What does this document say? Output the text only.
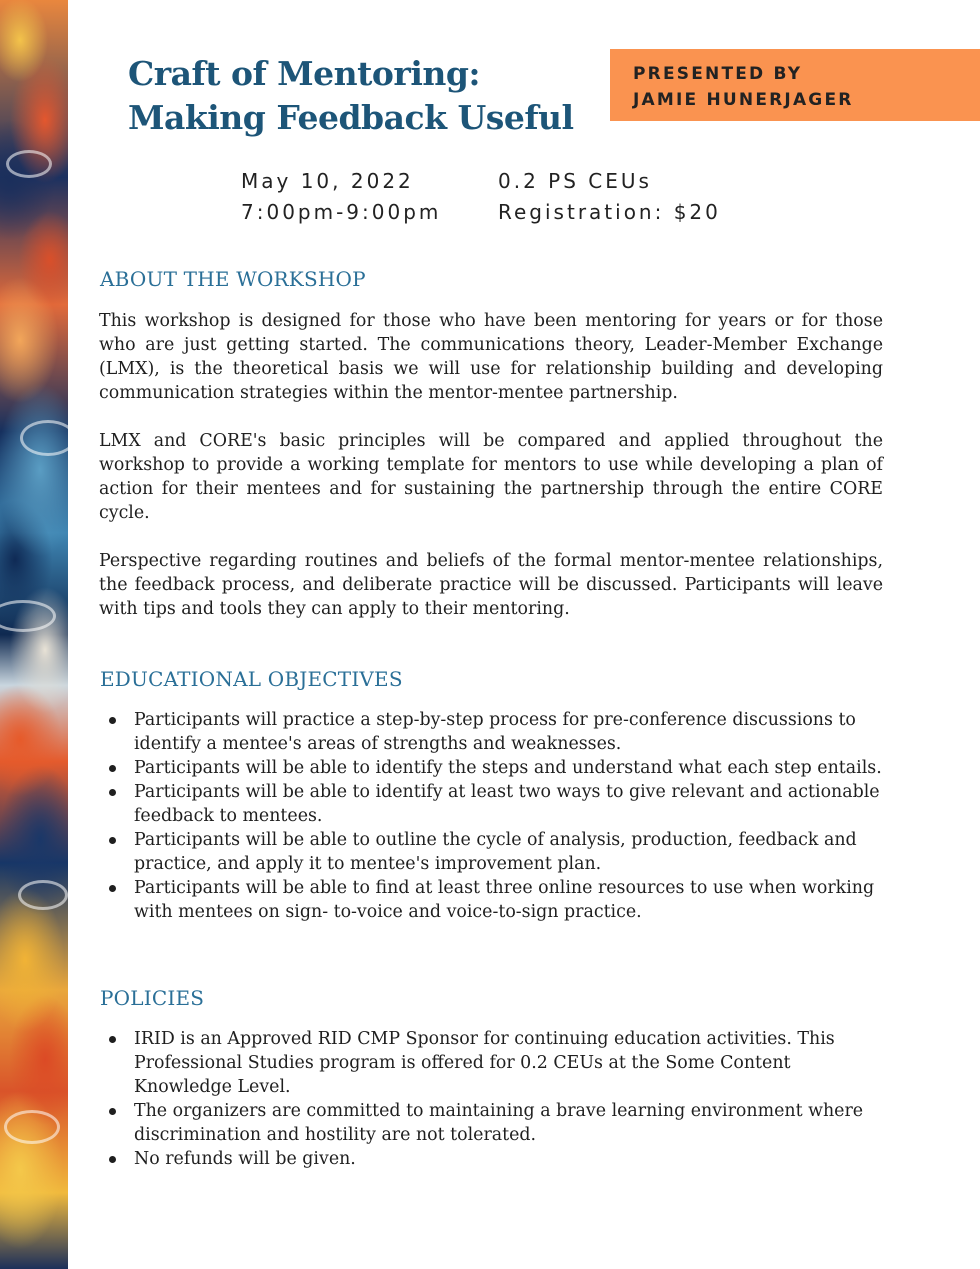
Craft of Mentoring:
Making Feedback Useful
PRESENTED BY
JAMIE HUNERJAGER
May 10, 2022
7:00pm-9:00pm
0.2 PS CEUs
Registration: $20
ABOUT THE WORKSHOP

This workshop is designed for those who have been mentoring for years or for those who are just getting started. The communications theory, Leader-Member Exchange (LMX), is the theoretical basis we will use for relationship building and developing communication strategies within the mentor-mentee partnership.

LMX and CORE's basic principles will be compared and applied throughout the workshop to provide a working template for mentors to use while developing a plan of action for their mentees and for sustaining the partnership through the entire CORE cycle.

Perspective regarding routines and beliefs of the formal mentor-mentee relationships, the feedback process, and deliberate practice will be discussed. Participants will leave with tips and tools they can apply to their mentoring.

EDUCATIONAL OBJECTIVES
Participants will practice a step-by-step process for pre-conference discussions to identify a mentee's areas of strengths and weaknesses.
Participants will be able to identify the steps and understand what each step entails.
Participants will be able to identify at least two ways to give relevant and actionable feedback to mentees.
Participants will be able to outline the cycle of analysis, production, feedback and practice, and apply it to mentee's improvement plan.
Participants will be able to find at least three online resources to use when working with mentees on sign- to-voice and voice-to-sign practice.
POLICIES
IRID is an Approved RID CMP Sponsor for continuing education activities. This Professional Studies program is offered for 0.2 CEUs at the Some Content Knowledge Level.
The organizers are committed to maintaining a brave learning environment where discrimination and hostility are not tolerated.
No refunds will be given.
